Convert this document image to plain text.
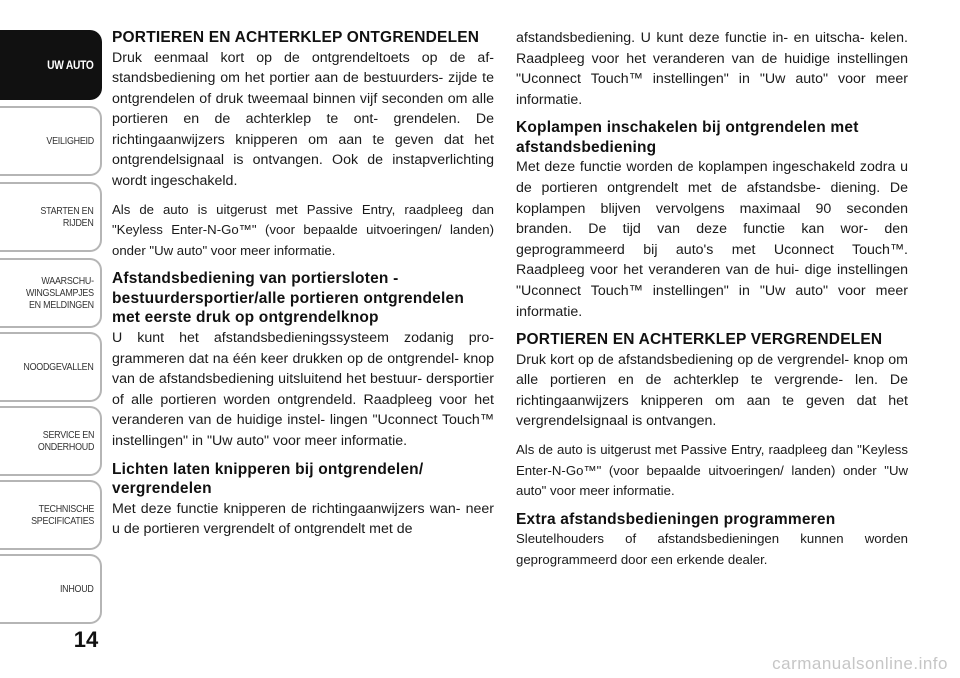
UW AUTO
VEILIGHEID
STARTEN EN
RIJDEN
WAARSCHU-
WINGSLAMPJES
EN MELDINGEN
NOODGEVALLEN
SERVICE EN
ONDERHOUD
TECHNISCHE
SPECIFICATIES
INHOUD
14
PORTIEREN EN ACHTERKLEP ONTGRENDELEN

Druk eenmaal kort op de ontgrendeltoets op de af- standsbediening om het portier aan de bestuurders- zijde te ontgrendelen of druk tweemaal binnen vijf seconden om alle portieren en de achterklep te ont- grendelen. De richtingaanwijzers knipperen om aan te geven dat het ontgrendelsignaal is ontvangen. Ook de instapverlichting wordt ingeschakeld.

Als de auto is uitgerust met Passive Entry, raadpleeg dan "Keyless Enter-N-Go™" (voor bepaalde uitvoeringen/ landen) onder "Uw auto" voor meer informatie.

Afstandsbediening van portiersloten - bestuurdersportier/alle portieren ontgrendelen met eerste druk op ontgrendelknop

U kunt het afstandsbedieningssysteem zodanig pro- grammeren dat na één keer drukken op de ontgrendel- knop van de afstandsbediening uitsluitend het bestuur- dersportier of alle portieren worden ontgrendeld. Raadpleeg voor het veranderen van de huidige instel- lingen "Uconnect Touch™ instellingen" in "Uw auto" voor meer informatie.

Lichten laten knipperen bij ontgrendelen/ vergrendelen

Met deze functie knipperen de richtingaanwijzers wan- neer u de portieren vergrendelt of ontgrendelt met de

afstandsbediening. U kunt deze functie in- en uitscha- kelen. Raadpleeg voor het veranderen van de huidige instellingen "Uconnect Touch™ instellingen" in "Uw auto" voor meer informatie.

Koplampen inschakelen bij ontgrendelen met afstandsbediening

Met deze functie worden de koplampen ingeschakeld zodra u de portieren ontgrendelt met de afstandsbe- diening. De koplampen blijven vervolgens maximaal 90 seconden branden. De tijd van deze functie kan wor- den geprogrammeerd bij auto's met Uconnect Touch™. Raadpleeg voor het veranderen van de hui- dige instellingen "Uconnect Touch™ instellingen" in "Uw auto" voor meer informatie.

PORTIEREN EN ACHTERKLEP VERGRENDELEN

Druk kort op de afstandsbediening op de vergrendel- knop om alle portieren en de achterklep te vergrende- len. De richtingaanwijzers knipperen om aan te geven dat het vergrendelsignaal is ontvangen.

Als de auto is uitgerust met Passive Entry, raadpleeg dan "Keyless Enter-N-Go™" (voor bepaalde uitvoeringen/ landen) onder "Uw auto" voor meer informatie.

Extra afstandsbedieningen programmeren

Sleutelhouders of afstandsbedieningen kunnen worden geprogrammeerd door een erkende dealer.

carmanualsonline.info
